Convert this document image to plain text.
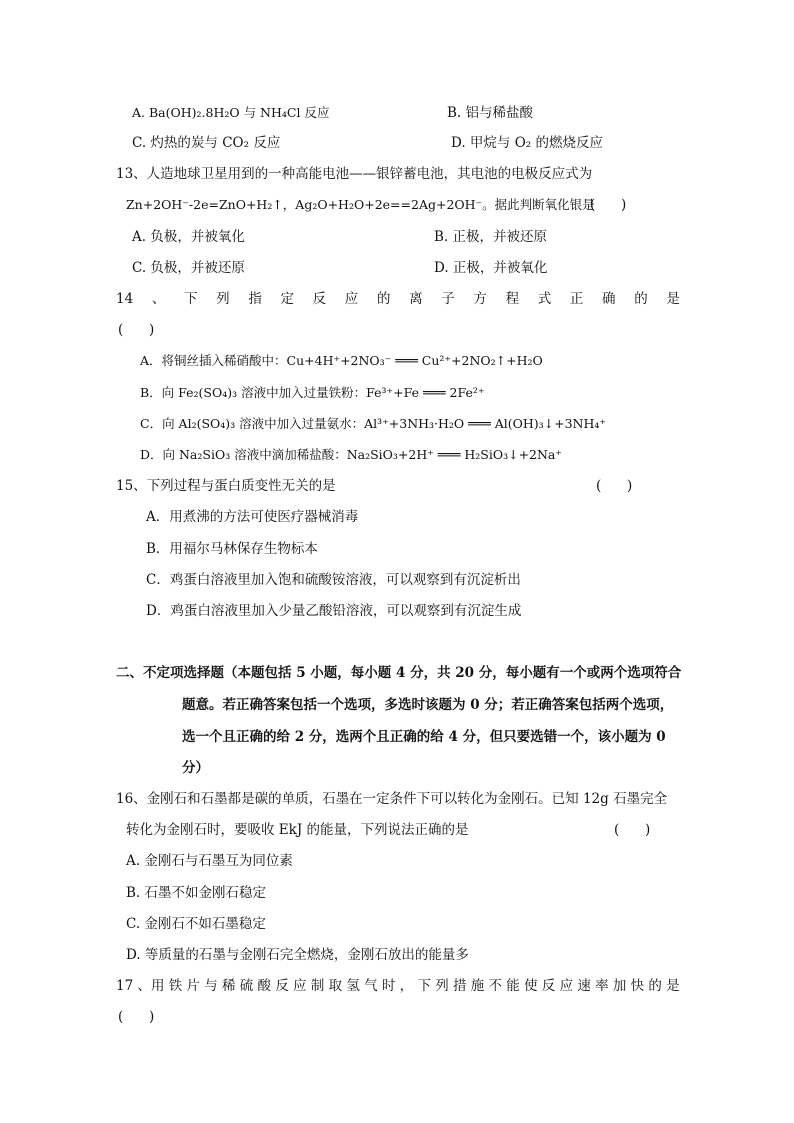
A. Ba(OH)₂.8H₂O 与 NH₄Cl 反应	B. 铝与稀盐酸
C. 灼热的炭与 CO₂ 反应	D. 甲烷与 O₂ 的燃烧反应
13、人造地球卫星用到的一种高能电池——银锌蓄电池，其电池的电极反应式为
Zn+2OH⁻-2e=ZnO+H₂↑，Ag₂O+H₂O+2e==2Ag+2OH⁻。据此判断氧化银是
(      )
A. 负极，并被氧化	B. 正极，并被还原
C. 负极，并被还原	D. 正极，并被氧化
14 、 下 列 指 定 反 应 的 离 子 方 程 式 正 确 的 是
(      )
A．将铜丝插入稀硝酸中：Cu+4H⁺+2NO₃⁻ ═══ Cu²⁺+2NO₂↑+H₂O
B．向 Fe₂(SO₄)₃ 溶液中加入过量铁粉：Fe³⁺+Fe ═══ 2Fe²⁺
C．向 Al₂(SO₄)₃ 溶液中加入过量氨水：Al³⁺+3NH₃·H₂O ═══ Al(OH)₃↓+3NH₄⁺
D．向 Na₂SiO₃ 溶液中滴加稀盐酸：Na₂SiO₃+2H⁺ ═══ H₂SiO₃↓+2Na⁺
15、下列过程与蛋白质变性无关的是	(      )
A．用煮沸的方法可使医疗器械消毒
B．用福尔马林保存生物标本
C．鸡蛋白溶液里加入饱和硫酸铵溶液，可以观察到有沉淀析出
D．鸡蛋白溶液里加入少量乙酸铅溶液，可以观察到有沉淀生成
二、不定项选择题（本题包括 5 小题，每小题 4 分，共 20 分，每小题有一个或两个选项符合
题意。若正确答案包括一个选项，多选时该题为 0 分；若正确答案包括两个选项，
选一个且正确的给 2 分，选两个且正确的给 4 分，但只要选错一个，该小题为 0
分）
16、金刚石和石墨都是碳的单质，石墨在一定条件下可以转化为金刚石。已知 12g 石墨完全
转化为金刚石时，要吸收 EkJ 的能量，下列说法正确的是	(      )
A. 金刚石与石墨互为同位素
B. 石墨不如金刚石稳定
C. 金刚石不如石墨稳定
D. 等质量的石墨与金刚石完全燃烧，金刚石放出的能量多
17 、用 铁 片 与 稀 硫 酸 反 应 制 取 氢 气 时 ， 下 列 措 施 不 能 使 反 应 速 率 加 快 的 是
(      )
